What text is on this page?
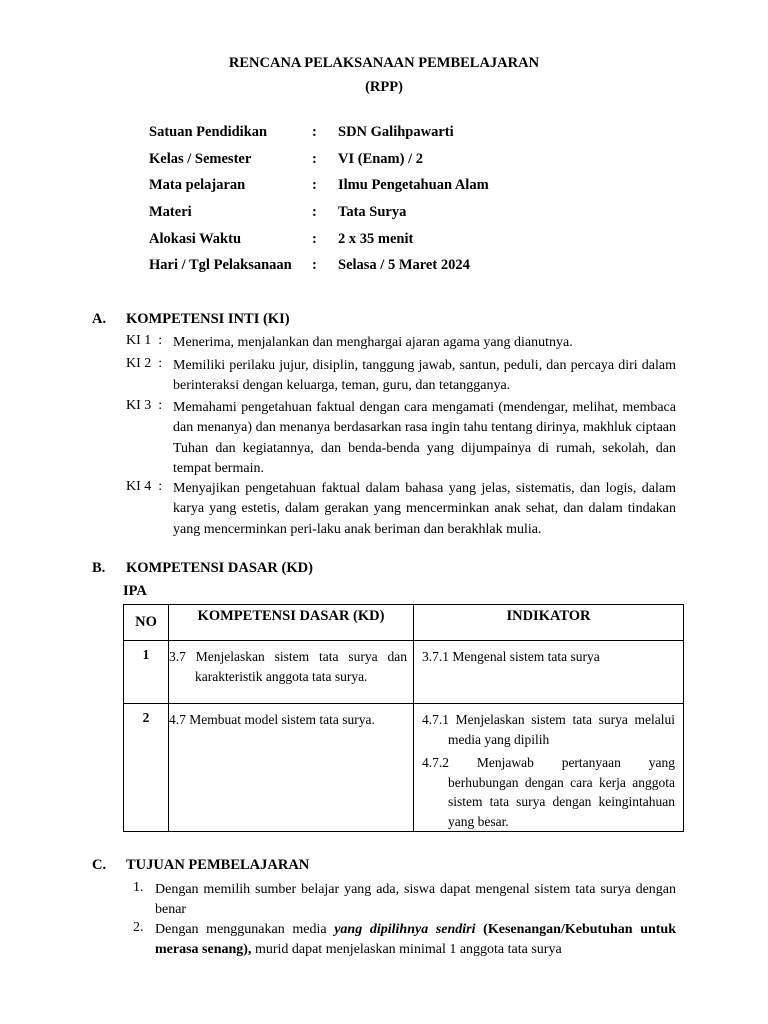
RENCANA PELAKSANAAN PEMBELAJARAN
(RPP)
Satuan Pendidikan	: SDN Galihpawarti
Kelas / Semester	: VI (Enam) / 2
Mata pelajaran	: Ilmu Pengetahuan Alam
Materi	: Tata Surya
Alokasi Waktu	: 2 x 35 menit
Hari / Tgl Pelaksanaan : Selasa / 5 Maret 2024
A. KOMPETENSI INTI (KI)
KI 1  : Menerima, menjalankan dan menghargai ajaran agama yang dianutnya.
KI 2  : Memiliki perilaku jujur, disiplin, tanggung jawab, santun, peduli, dan percaya diri dalam berinteraksi dengan keluarga, teman, guru, dan tetangganya.
KI 3  : Memahami pengetahuan faktual dengan cara mengamati (mendengar, melihat, membaca dan menanya) dan menanya berdasarkan rasa ingin tahu tentang dirinya, makhluk ciptaan Tuhan dan kegiatannya, dan benda-benda yang dijumpainya di rumah, sekolah, dan tempat bermain.
KI 4  : Menyajikan pengetahuan faktual dalam bahasa yang jelas, sistematis, dan logis, dalam karya yang estetis, dalam gerakan yang mencerminkan anak sehat, dan dalam tindakan yang mencerminkan peri-laku anak beriman dan berakhlak mulia.
B. KOMPETENSI DASAR (KD)
IPA
NO	KOMPETENSI DASAR (KD)	INDIKATOR
1	3.7 Menjelaskan sistem tata surya dan karakteristik anggota tata surya.	3.7.1 Mengenal sistem tata surya

2	4.7 Membuat model sistem tata surya.	4.7.1 Menjelaskan sistem tata surya melalui media yang dipilih
4.7.2 Menjawab pertanyaan yang berhubungan dengan cara kerja anggota sistem tata surya dengan keingintahuan yang besar.
C. TUJUAN PEMBELAJARAN
1. Dengan memilih sumber belajar yang ada, siswa dapat mengenal sistem tata surya dengan benar
2. Dengan menggunakan media yang dipilihnya sendiri (Kesenangan/Kebutuhan untuk merasa senang), murid dapat menjelaskan minimal 1 anggota tata surya
